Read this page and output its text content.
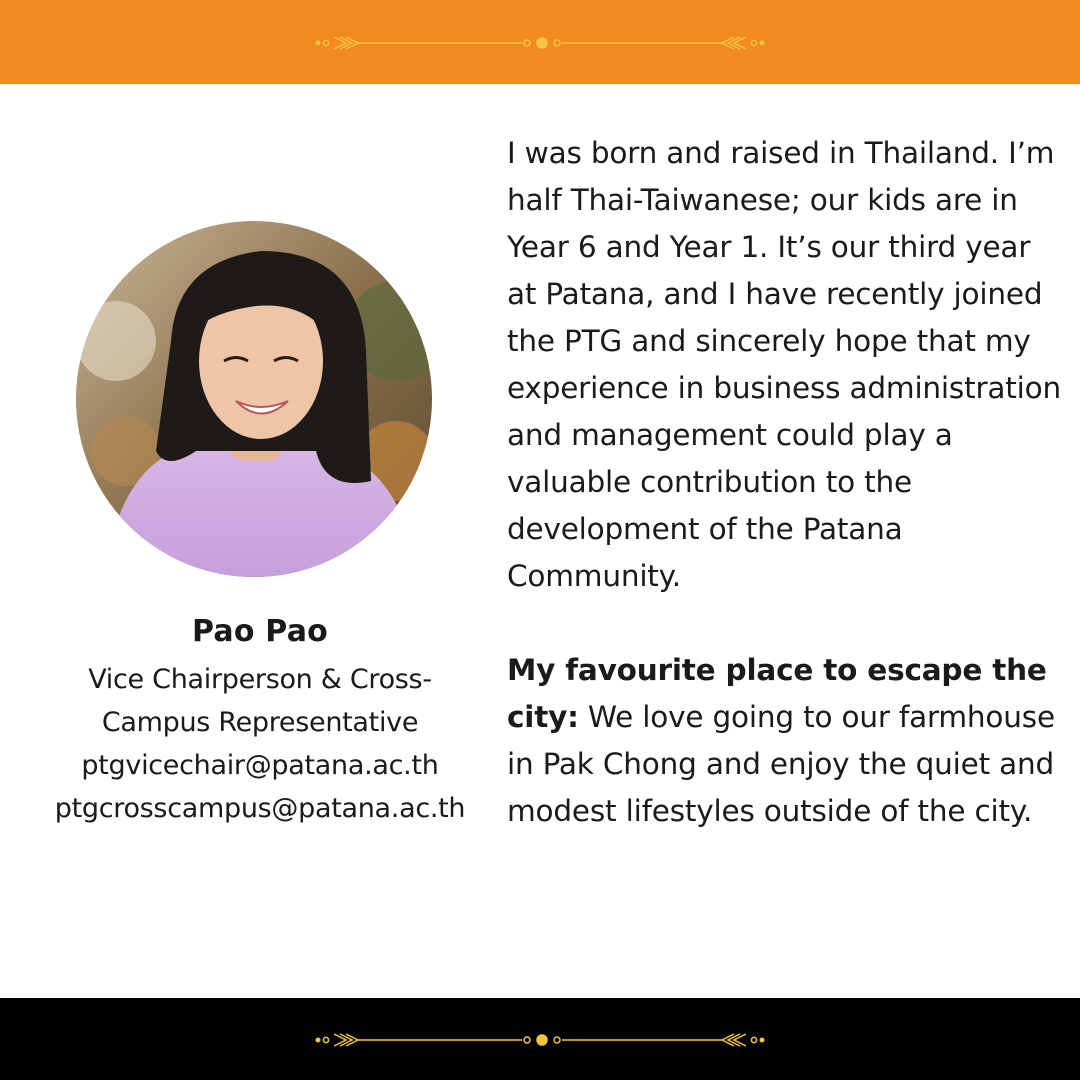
Pao Pao
Vice Chairperson & Cross-
Campus Representative
ptgvicechair@patana.ac.th
ptgcrosscampus@patana.ac.th

I was born and raised in Thailand. I’m half Thai-Taiwanese; our kids are in Year 6 and Year 1. It’s our third year at Patana, and I have recently joined the PTG and sincerely hope that my experience in business administration and management could play a valuable contribution to the development of the Patana Community.

My favourite place to escape the city: We love going to our farmhouse in Pak Chong and enjoy the quiet and modest lifestyles outside of the city.
